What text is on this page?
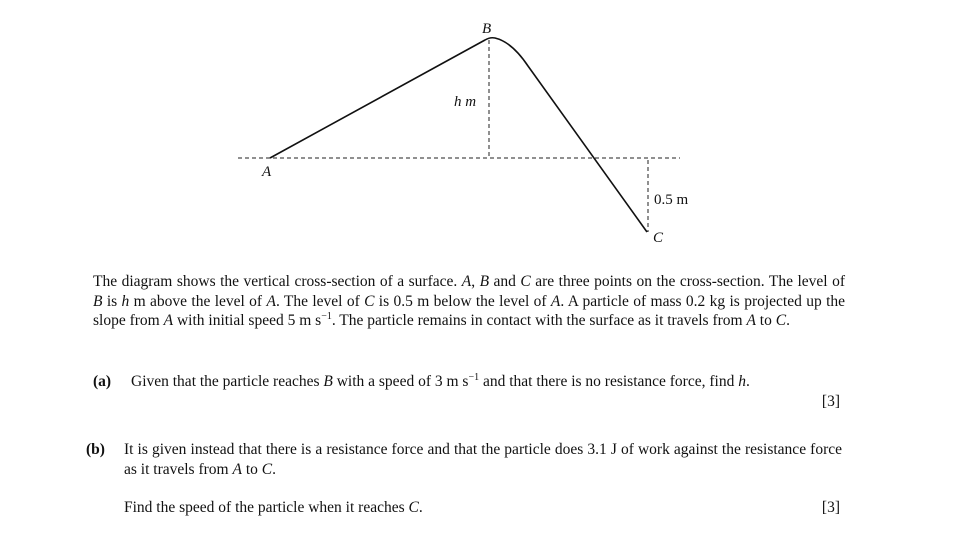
A
B
C
h m
0.5 m
The diagram shows the vertical cross-section of a surface. A, B and C are three points on the cross-section. The level of B is h m above the level of A. The level of C is 0.5 m below the level of A. A particle of mass 0.2 kg is projected up the slope from A with initial speed 5 m $s^{-1}$. The particle remains in contact with the surface as it travels from A to C.
(a) Given that the particle reaches B with a speed of 3 m $s^{-1}$ and that there is no resistance force, find h.
[3]
(b) It is given instead that there is a resistance force and that the particle does 3.1 J of work against the resistance force as it travels from A to C.
Find the speed of the particle when it reaches C.	[3]
